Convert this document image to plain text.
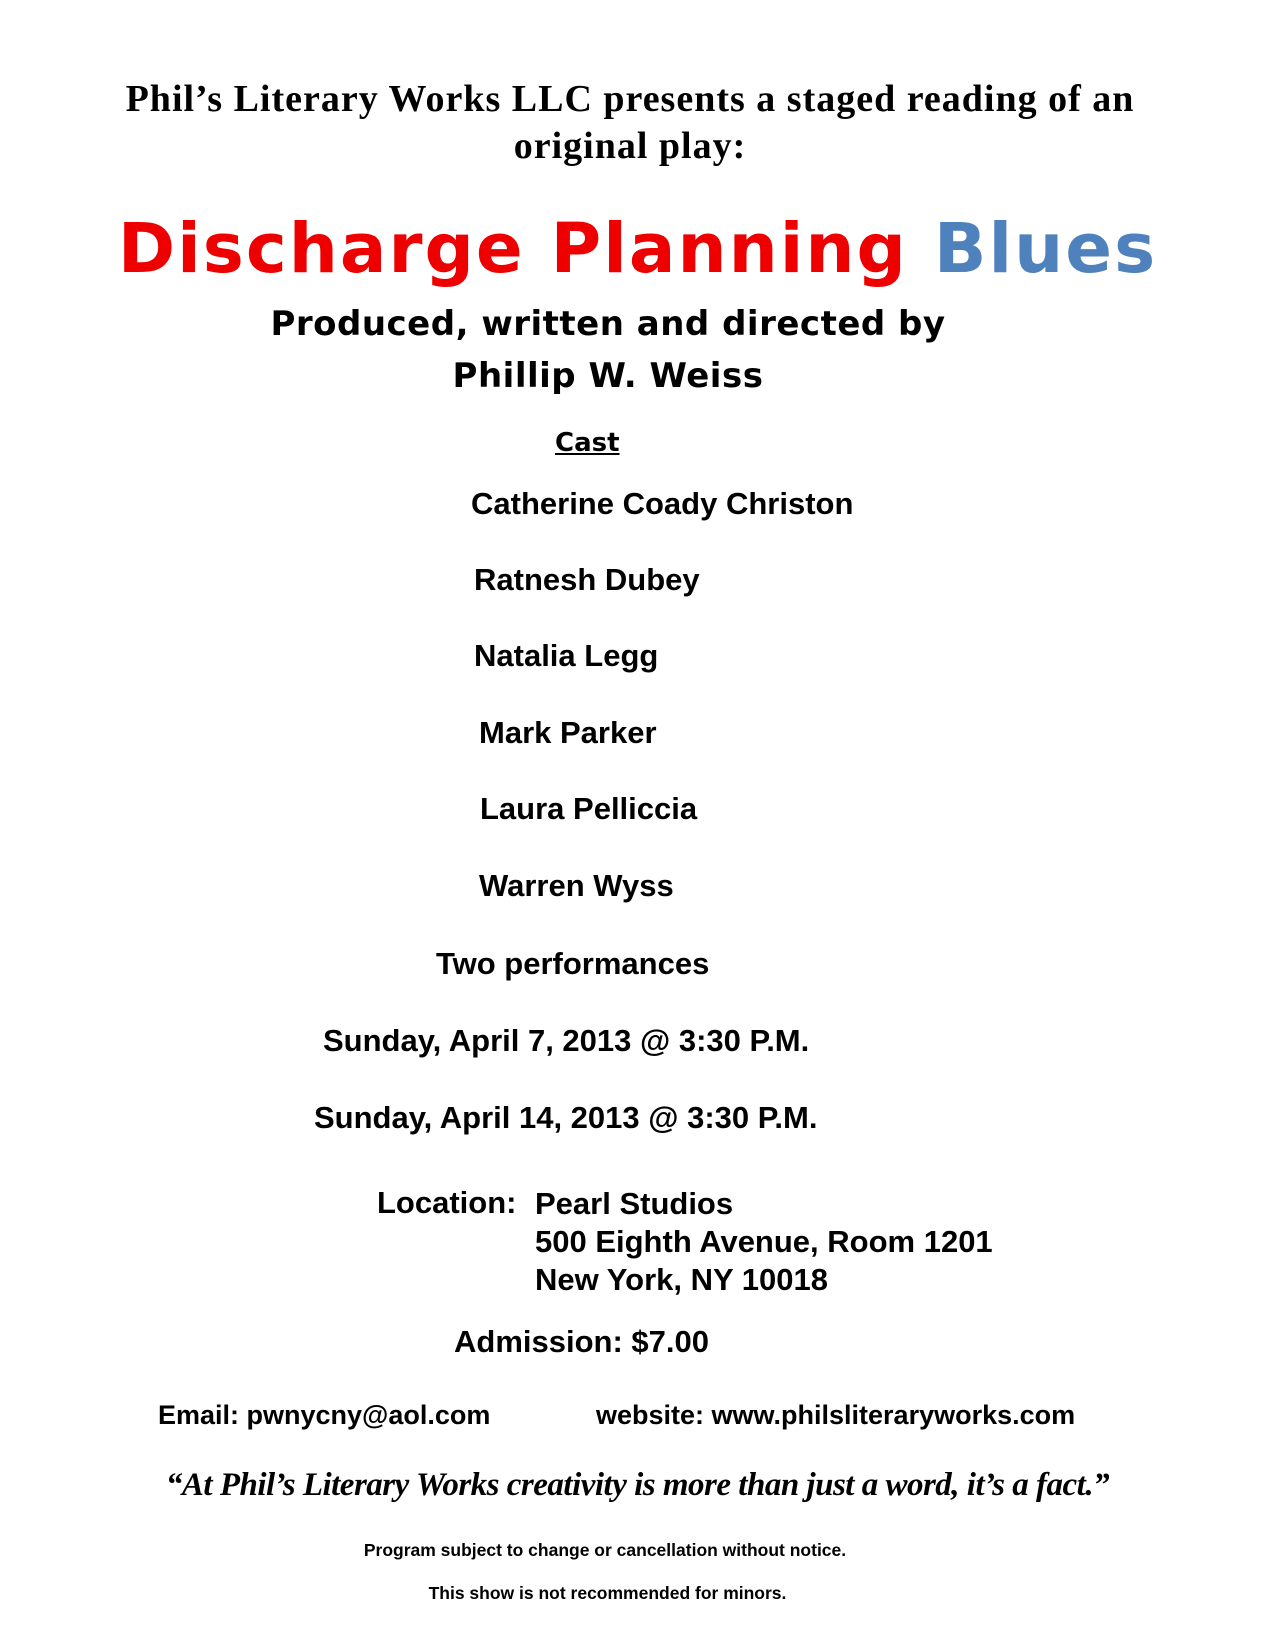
Phil’s Literary Works LLC presents a staged reading of an
original play:
Discharge Planning Blues
Produced, written and directed by
Phillip W. Weiss
Cast
Catherine Coady Christon
Ratnesh Dubey
Natalia Legg
Mark Parker
Laura Pelliccia
Warren Wyss
Two performances
Sunday, April 7, 2013 @ 3:30 P.M.
Sunday, April 14, 2013 @ 3:30 P.M.
Location: Pearl Studios
500 Eighth Avenue, Room 1201
New York, NY 10018
Admission: $7.00
Email: pwnycny@aol.com	website: www.philsliteraryworks.com
“At Phil’s Literary Works creativity is more than just a word, it’s a fact.”
Program subject to change or cancellation without notice.
This show is not recommended for minors.
